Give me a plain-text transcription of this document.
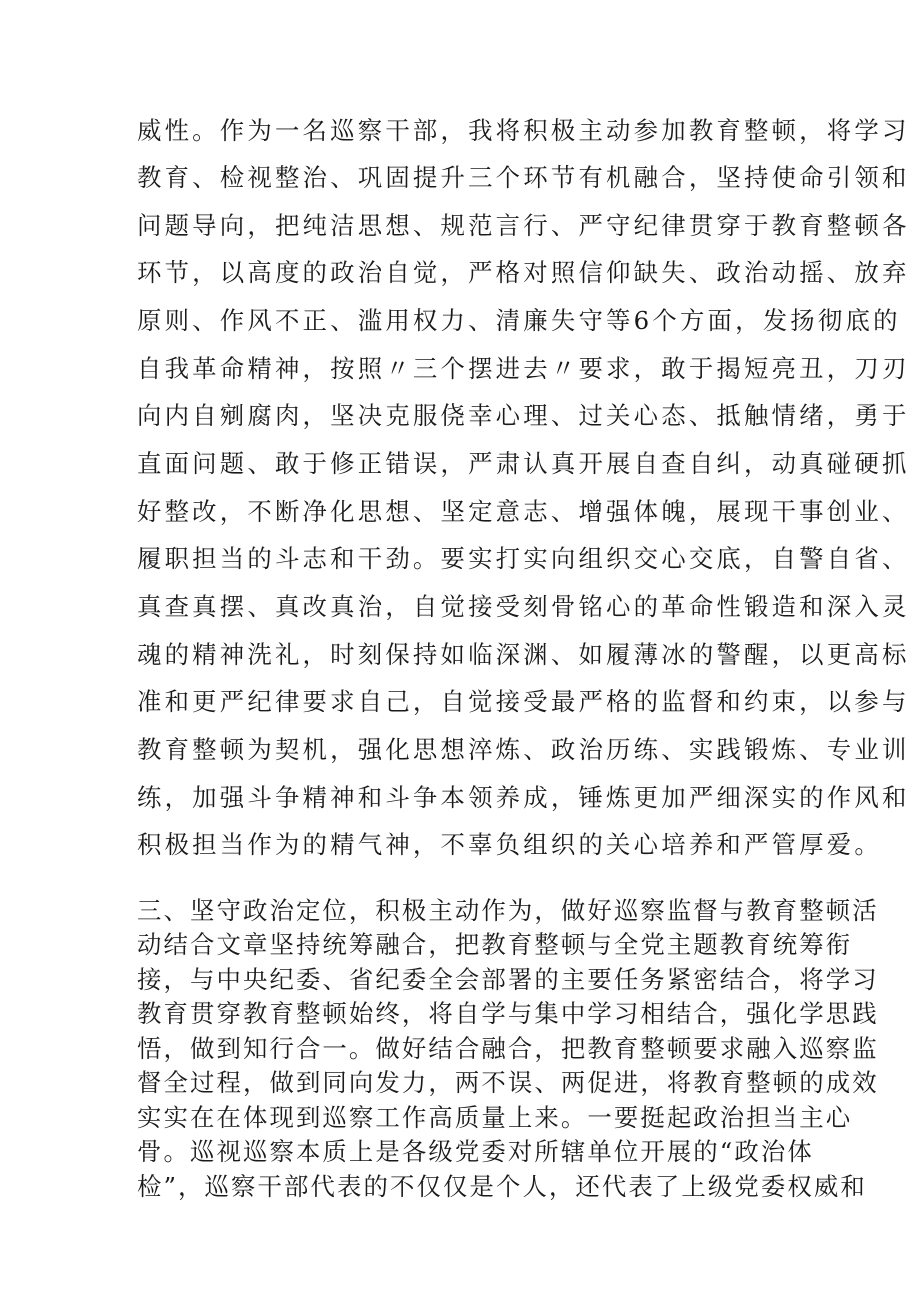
威性。作为一名巡察干部，我将积极主动参加教育整顿，将学习
教育、检视整治、巩固提升三个环节有机融合，坚持使命引领和
问题导向，把纯洁思想、规范言行、严守纪律贯穿于教育整顿各
环节，以高度的政治自觉，严格对照信仰缺失、政治动摇、放弃
原则、作风不正、滥用权力、清廉失守等6个方面，发扬彻底的
自我革命精神，按照〃三个摆进去〃要求，敢于揭短亮丑，刀刃
向内自剜腐肉，坚决克服侥幸心理、过关心态、抵触情绪，勇于
直面问题、敢于修正错误，严肃认真开展自查自纠，动真碰硬抓
好整改，不断净化思想、坚定意志、增强体魄，展现干事创业、
履职担当的斗志和干劲。要实打实向组织交心交底，自警自省、
真查真摆、真改真治，自觉接受刻骨铭心的革命性锻造和深入灵
魂的精神洗礼，时刻保持如临深渊、如履薄冰的警醒，以更高标
准和更严纪律要求自己，自觉接受最严格的监督和约束，以参与
教育整顿为契机，强化思想淬炼、政治历练、实践锻炼、专业训
练，加强斗争精神和斗争本领养成，锤炼更加严细深实的作风和
积极担当作为的精气神，不辜负组织的关心培养和严管厚爱。
三、坚守政治定位，积极主动作为，做好巡察监督与教育整顿活
动结合文章坚持统筹融合，把教育整顿与全党主题教育统筹衔
接，与中央纪委、省纪委全会部署的主要任务紧密结合，将学习
教育贯穿教育整顿始终，将自学与集中学习相结合，强化学思践
悟，做到知行合一。做好结合融合，把教育整顿要求融入巡察监
督全过程，做到同向发力，两不误、两促进，将教育整顿的成效
实实在在体现到巡察工作高质量上来。一要挺起政治担当主心
骨。巡视巡察本质上是各级党委对所辖单位开展的“政治体
检”，巡察干部代表的不仅仅是个人，还代表了上级党委权威和
